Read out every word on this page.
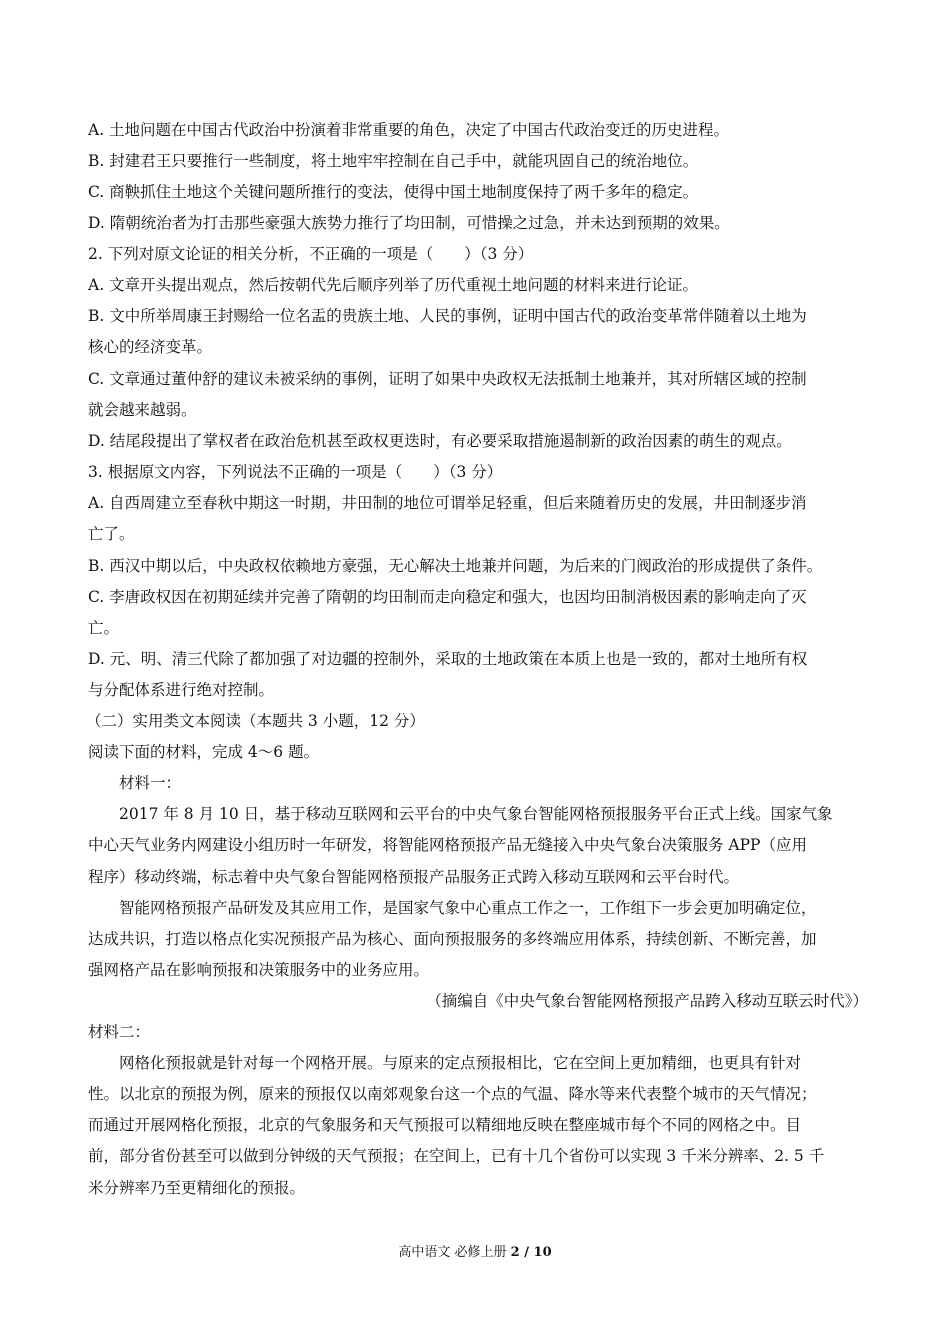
A. 土地问题在中国古代政治中扮演着非常重要的角色，决定了中国古代政治变迁的历史进程。
B. 封建君王只要推行一些制度，将土地牢牢控制在自己手中，就能巩固自己的统治地位。
C. 商鞅抓住土地这个关键问题所推行的变法，使得中国土地制度保持了两千多年的稳定。
D. 隋朝统治者为打击那些豪强大族势力推行了均田制，可惜操之过急，并未达到预期的效果。
2. 下列对原文论证的相关分析，不正确的一项是（　　）（3 分）
A. 文章开头提出观点，然后按朝代先后顺序列举了历代重视土地问题的材料来进行论证。
B. 文中所举周康王封赐给一位名盂的贵族土地、人民的事例，证明中国古代的政治变革常伴随着以土地为
核心的经济变革。
C. 文章通过董仲舒的建议未被采纳的事例，证明了如果中央政权无法抵制土地兼并，其对所辖区域的控制
就会越来越弱。
D. 结尾段提出了掌权者在政治危机甚至政权更迭时，有必要采取措施遏制新的政治因素的萌生的观点。
3. 根据原文内容，下列说法不正确的一项是（　　）（3 分）
A. 自西周建立至春秋中期这一时期，井田制的地位可谓举足轻重，但后来随着历史的发展，井田制逐步消
亡了。
B. 西汉中期以后，中央政权依赖地方豪强，无心解决土地兼并问题，为后来的门阀政治的形成提供了条件。
C. 李唐政权因在初期延续并完善了隋朝的均田制而走向稳定和强大，也因均田制消极因素的影响走向了灭
亡。
D. 元、明、清三代除了都加强了对边疆的控制外，采取的土地政策在本质上也是一致的，都对土地所有权
与分配体系进行绝对控制。
（二）实用类文本阅读（本题共 3 小题，12 分）
阅读下面的材料，完成 4～6 题。
材料一：
2017 年 8 月 10 日，基于移动互联网和云平台的中央气象台智能网格预报服务平台正式上线。国家气象
中心天气业务内网建设小组历时一年研发，将智能网格预报产品无缝接入中央气象台决策服务 APP（应用
程序）移动终端，标志着中央气象台智能网格预报产品服务正式跨入移动互联网和云平台时代。
智能网格预报产品研发及其应用工作，是国家气象中心重点工作之一，工作组下一步会更加明确定位，
达成共识，打造以格点化实况预报产品为核心、面向预报服务的多终端应用体系，持续创新、不断完善，加
强网格产品在影响预报和决策服务中的业务应用。
（摘编自《中央气象台智能网格预报产品跨入移动互联云时代》）
材料二：
网格化预报就是针对每一个网格开展。与原来的定点预报相比，它在空间上更加精细，也更具有针对
性。以北京的预报为例，原来的预报仅以南郊观象台这一个点的气温、降水等来代表整个城市的天气情况；
而通过开展网格化预报，北京的气象服务和天气预报可以精细地反映在整座城市每个不同的网格之中。目
前，部分省份甚至可以做到分钟级的天气预报；在空间上，已有十几个省份可以实现 3 千米分辨率、2. 5 千
米分辨率乃至更精细化的预报。
高中语文 必修上册 2 / 10
